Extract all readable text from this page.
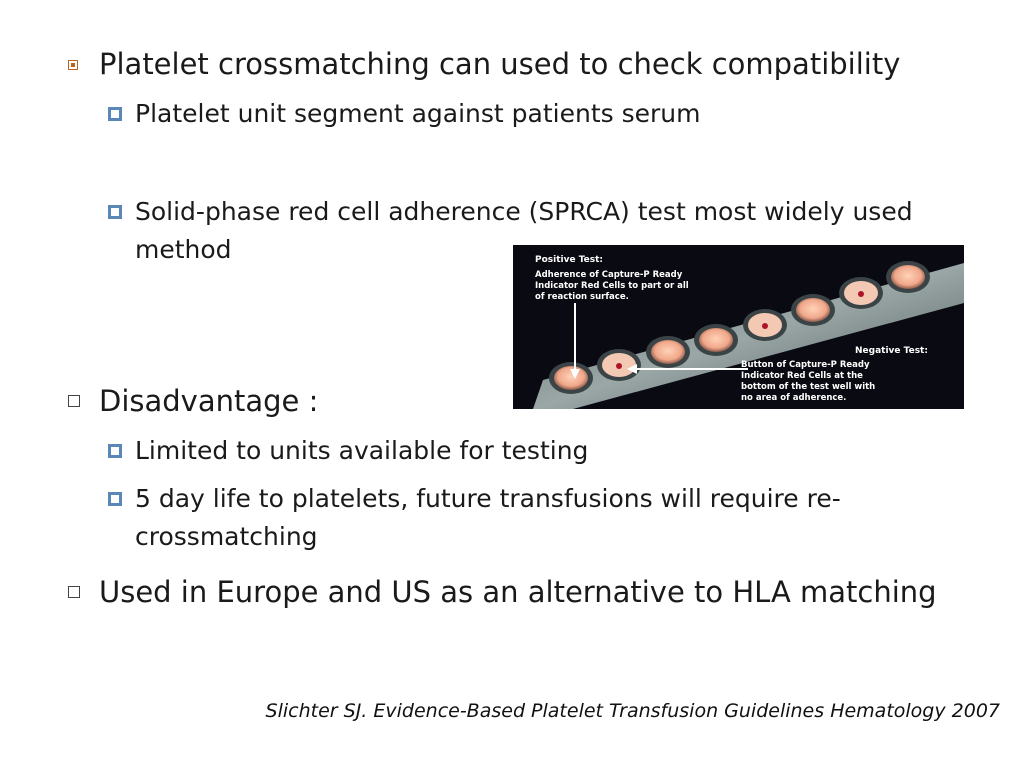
Platelet crossmatching can used to check compatibility
Platelet unit segment against patients serum
Solid-phase red cell adherence (SPRCA) test most widely used method	Positive Test:
Adherence of Capture-P Ready
Indicator Red Cells to part or all
of reaction surface.
Negative Test:
Button of Capture-P Ready
Indicator Red Cells at the
bottom of the test well with
no area of adherence.
Disadvantage :
Limited to units available for testing
5 day life to platelets, future transfusions will require re-crossmatching
Used in Europe and US as an alternative to HLA matching
Slichter SJ. Evidence-Based Platelet Transfusion Guidelines Hematology 2007
